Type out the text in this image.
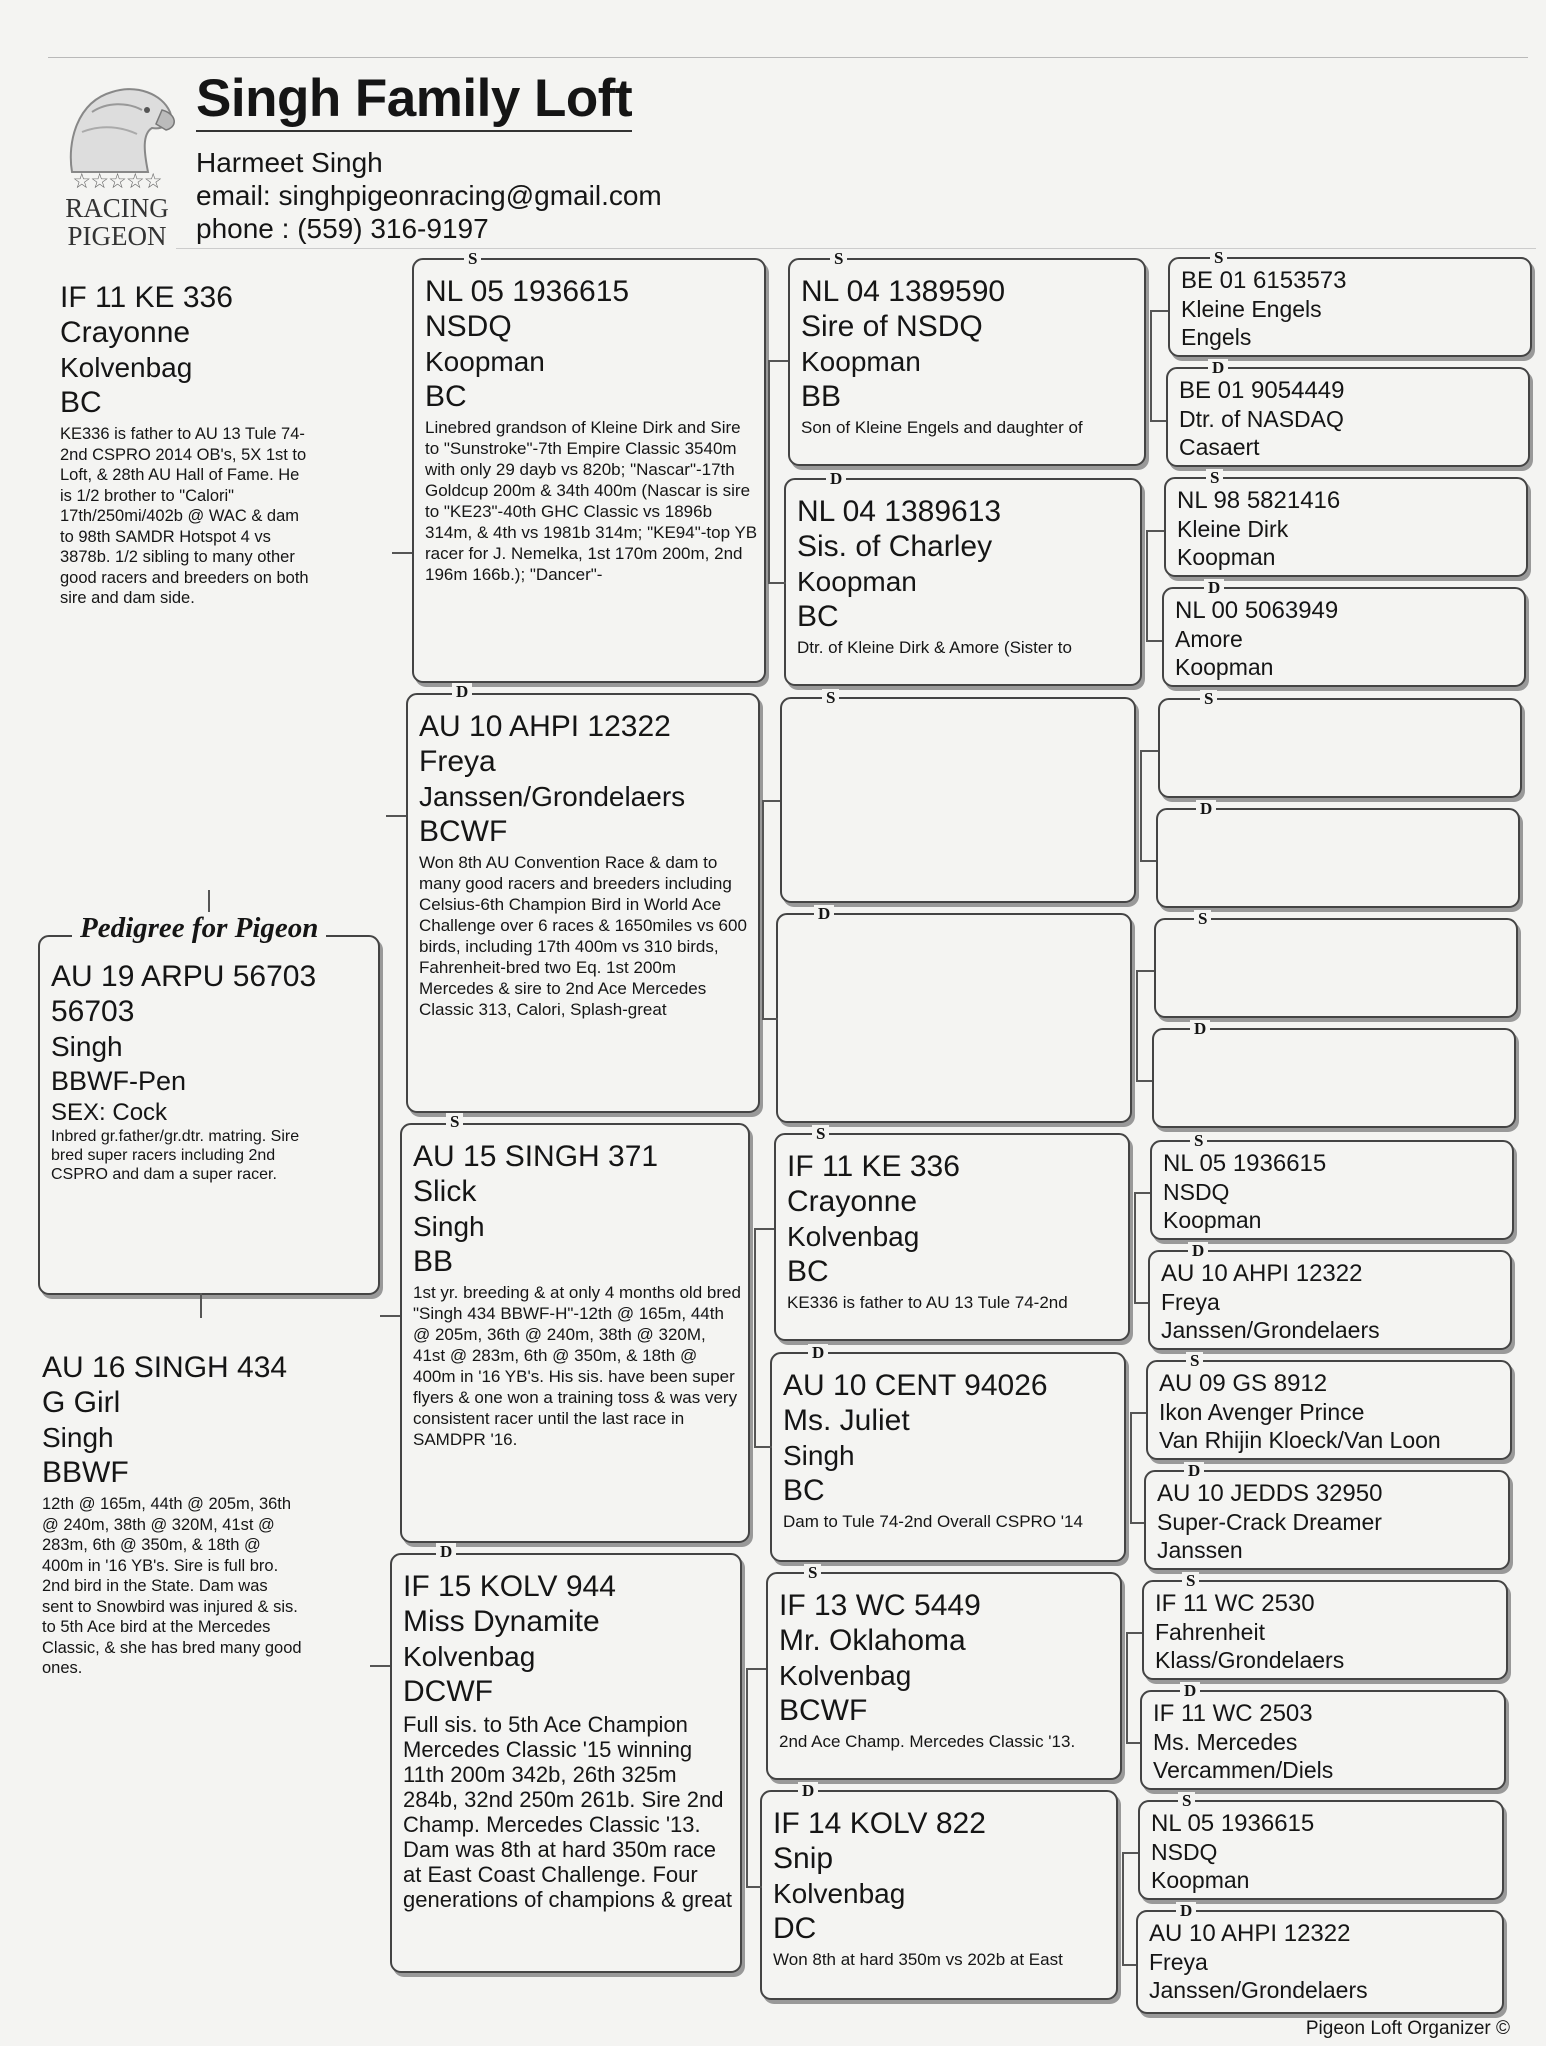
☆☆☆☆☆
RACING
PIGEON
Singh Family Loft
Harmeet Singh
email: singhpigeonracing@gmail.com
phone : (559) 316-9197
IF 11 KE 336
Crayonne
Kolvenbag
BC
KE336 is father to AU 13 Tule 74-2nd CSPRO 2014 OB's, 5X 1st to Loft, & 28th AU Hall of Fame. He is 1/2 brother to "Calori" 17th/250mi/402b @ WAC & dam to 98th SAMDR Hotspot 4 vs 3878b. 1/2 sibling to many other good racers and breeders on both sire and dam side.
AU 19 ARPU 56703
56703
Singh
BBWF-Pen
SEX: Cock
Inbred gr.father/gr.dtr. matring. Sire bred super racers including 2nd CSPRO and dam a super racer.
Pedigree for Pigeon
AU 16 SINGH 434
G Girl
Singh
BBWF
12th @ 165m, 44th @ 205m, 36th @ 240m, 38th @ 320M, 41st @ 283m, 6th @ 350m, & 18th @ 400m in '16 YB's. Sire is full bro. 2nd bird in the State. Dam was sent to Snowbird was injured & sis. to 5th Ace bird at the Mercedes Classic, & she has bred many good ones.
NL 05 1936615
NSDQ
Koopman
BC
Linebred grandson of Kleine Dirk and Sire to "Sunstroke"-7th Empire Classic 3540m with only 29 dayb vs 820b; "Nascar"-17th Goldcup 200m & 34th 400m (Nascar is sire to "KE23"-40th GHC Classic vs 1896b 314m, & 4th vs 1981b 314m; "KE94"-top YB racer for J. Nemelka, 1st 170m 200m, 2nd 196m 166b.); "Dancer"-
S
AU 10 AHPI 12322
Freya
Janssen/Grondelaers
BCWF
Won 8th AU Convention Race & dam to many good racers and breeders including Celsius-6th Champion Bird in World Ace Challenge over 6 races & 1650miles vs 600 birds, including 17th 400m vs 310 birds, Fahrenheit-bred two Eq. 1st 200m Mercedes & sire to 2nd Ace Mercedes Classic 313, Calori, Splash-great
D
AU 15 SINGH 371
Slick
Singh
BB
1st yr. breeding & at only 4 months old bred "Singh 434 BBWF-H"-12th @ 165m, 44th @ 205m, 36th @ 240m, 38th @ 320M, 41st @ 283m, 6th @ 350m, & 18th @ 400m in '16 YB's. His sis. have been super flyers & one won a training toss & was very consistent racer until the last race in SAMDPR '16.
S
IF 15 KOLV 944
Miss Dynamite
Kolvenbag
DCWF
Full sis. to 5th Ace Champion Mercedes Classic '15 winning 11th 200m 342b, 26th 325m 284b, 32nd 250m 261b. Sire 2nd Champ. Mercedes Classic '13. Dam was 8th at hard 350m race at East Coast Challenge. Four generations of champions & great
D
NL 04 1389590
Sire of NSDQ
Koopman
BB
Son of Kleine Engels and daughter of
S
NL 04 1389613
Sis. of Charley
Koopman
BC
Dtr. of Kleine Dirk & Amore (Sister to
D
S
D
IF 11 KE 336
Crayonne
Kolvenbag
BC
KE336 is father to AU 13 Tule 74-2nd
S
AU 10 CENT 94026
Ms. Juliet
Singh
BC
Dam to Tule 74-2nd Overall CSPRO '14
D
IF 13 WC 5449
Mr. Oklahoma
Kolvenbag
BCWF
2nd Ace Champ. Mercedes Classic '13.
S
IF 14 KOLV 822
Snip
Kolvenbag
DC
Won 8th at hard 350m vs 202b at East
D
BE 01 6153573
Kleine Engels
Engels
S
BE 01 9054449
Dtr. of NASDAQ
Casaert
D
NL 98 5821416
Kleine Dirk
Koopman
S
NL 00 5063949
Amore
Koopman
D
S
D
S
D
NL 05 1936615
NSDQ
Koopman
S
AU 10 AHPI 12322
Freya
Janssen/Grondelaers
D
AU 09 GS 8912
Ikon Avenger Prince
Van Rhijin Kloeck/Van Loon
S
AU 10 JEDDS 32950
Super-Crack Dreamer
Janssen
D
IF 11 WC 2530
Fahrenheit
Klass/Grondelaers
S
IF 11 WC 2503
Ms. Mercedes
Vercammen/Diels
D
NL 05 1936615
NSDQ
Koopman
S
AU 10 AHPI 12322
Freya
Janssen/Grondelaers
D
Pigeon Loft Organizer ©
